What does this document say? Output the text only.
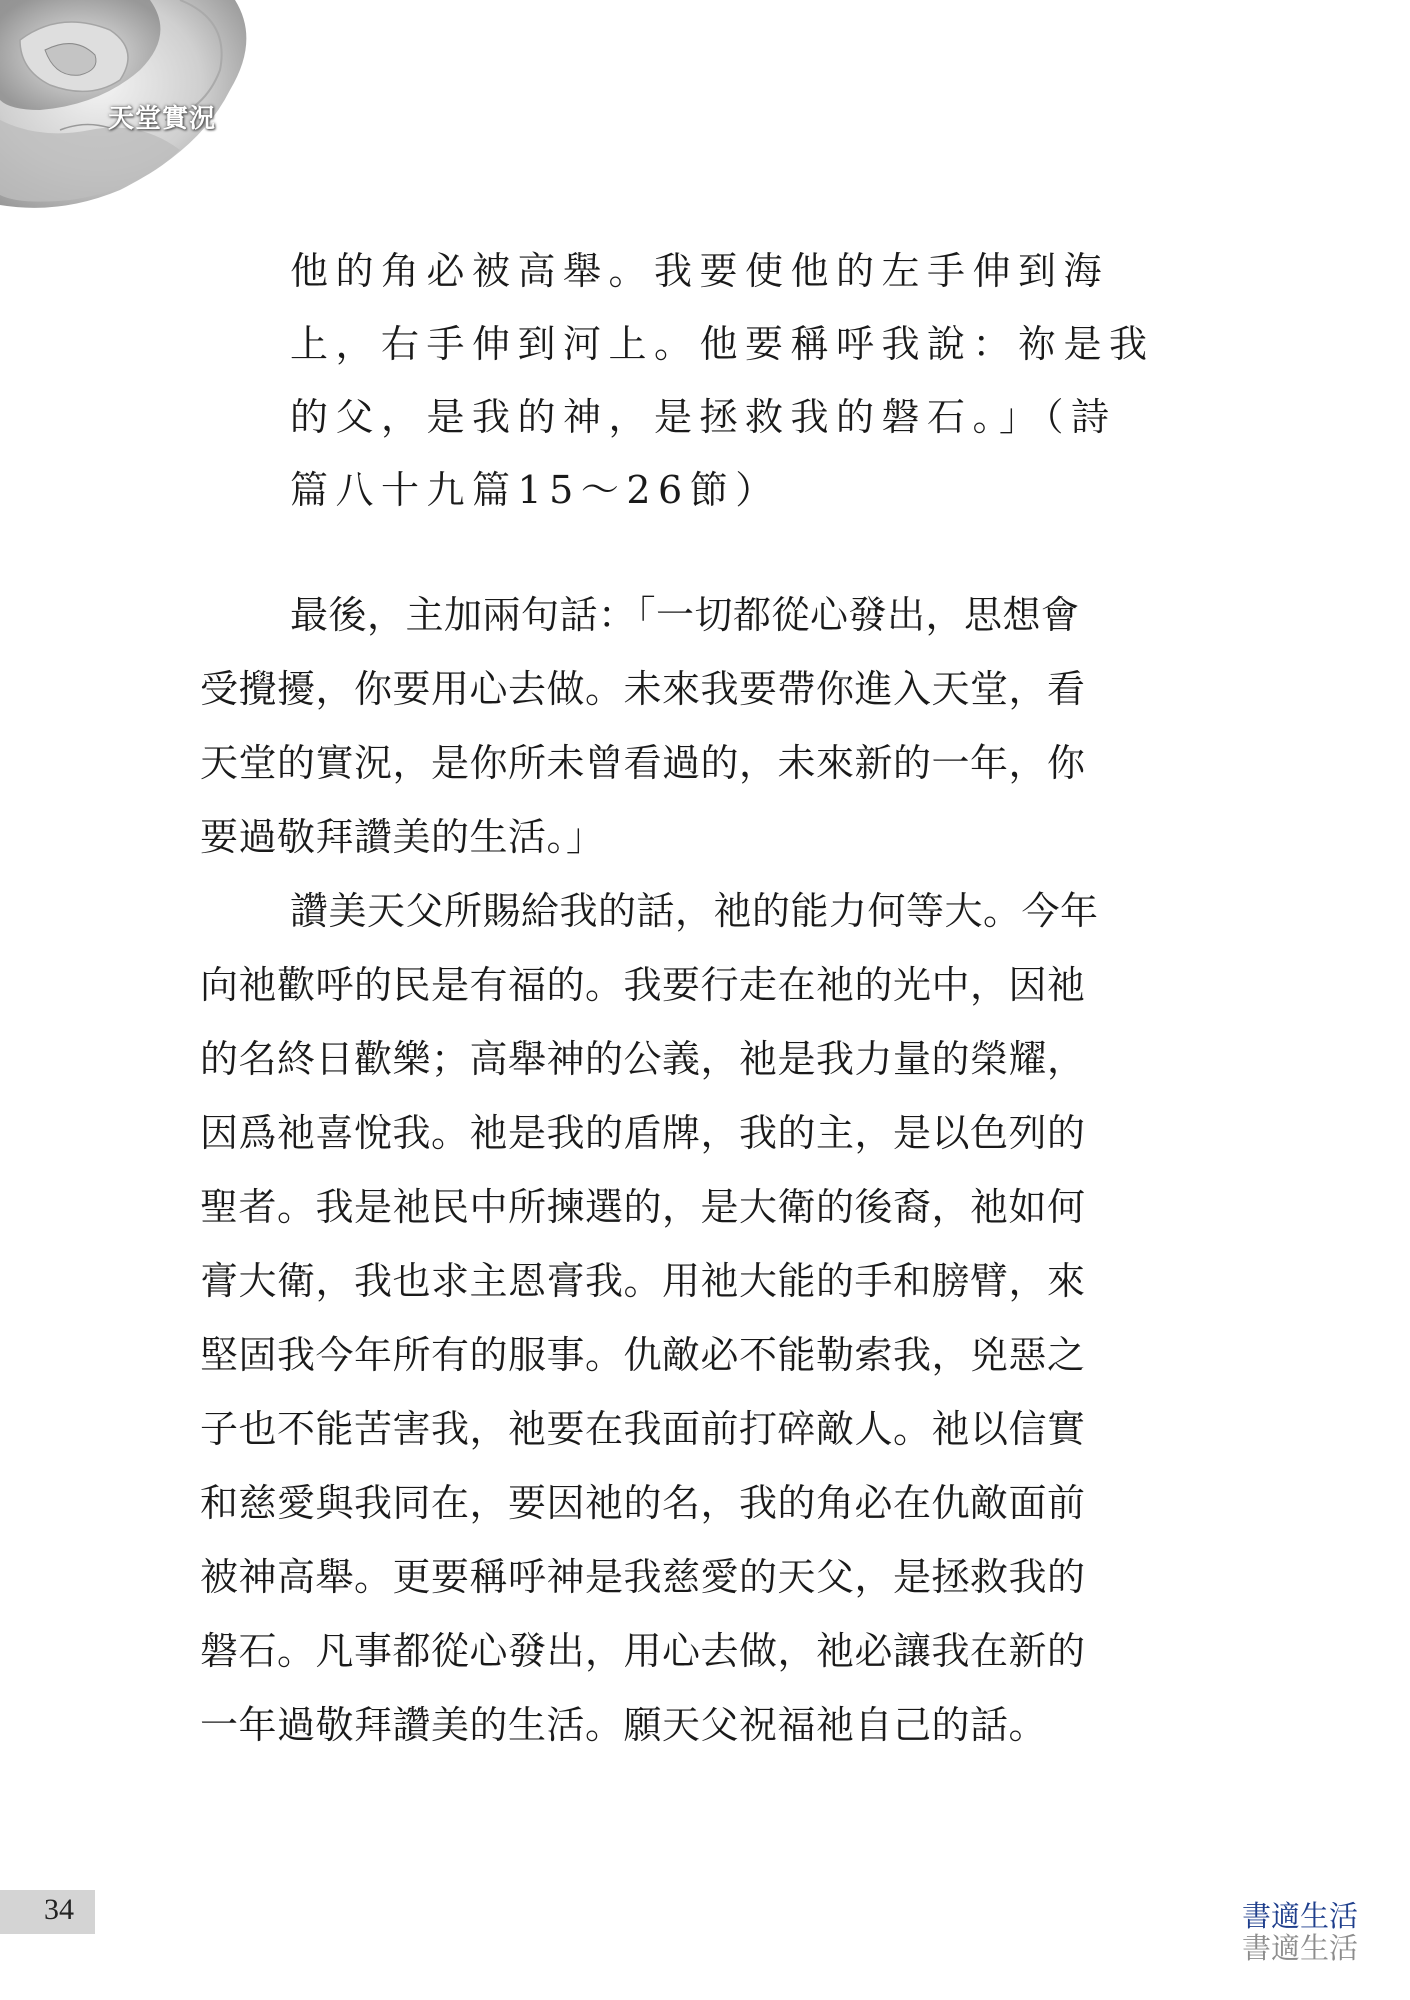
天堂實況
他的角必被高舉。我要使他的左手伸到海
上，右手伸到河上。他要稱呼我說：祢是我
的父，是我的神，是拯救我的磐石。」（詩
篇八十九篇15～26節）
最後，主加兩句話：「一切都從心發出，思想會
受攪擾，你要用心去做。未來我要帶你進入天堂，看
天堂的實況，是你所未曾看過的，未來新的一年，你
要過敬拜讚美的生活。」
讚美天父所賜給我的話，祂的能力何等大。今年
向祂歡呼的民是有福的。我要行走在祂的光中，因祂
的名終日歡樂；高舉神的公義，祂是我力量的榮耀，
因爲祂喜悅我。祂是我的盾牌，我的主，是以色列的
聖者。我是祂民中所揀選的，是大衛的後裔，祂如何
膏大衛，我也求主恩膏我。用祂大能的手和膀臂，來
堅固我今年所有的服事。仇敵必不能勒索我，兇惡之
子也不能苦害我，祂要在我面前打碎敵人。祂以信實
和慈愛與我同在，要因祂的名，我的角必在仇敵面前
被神高舉。更要稱呼神是我慈愛的天父，是拯救我的
磐石。凡事都從心發出，用心去做，祂必讓我在新的
一年過敬拜讚美的生活。願天父祝福祂自己的話。
34	書適生活
書適生活
